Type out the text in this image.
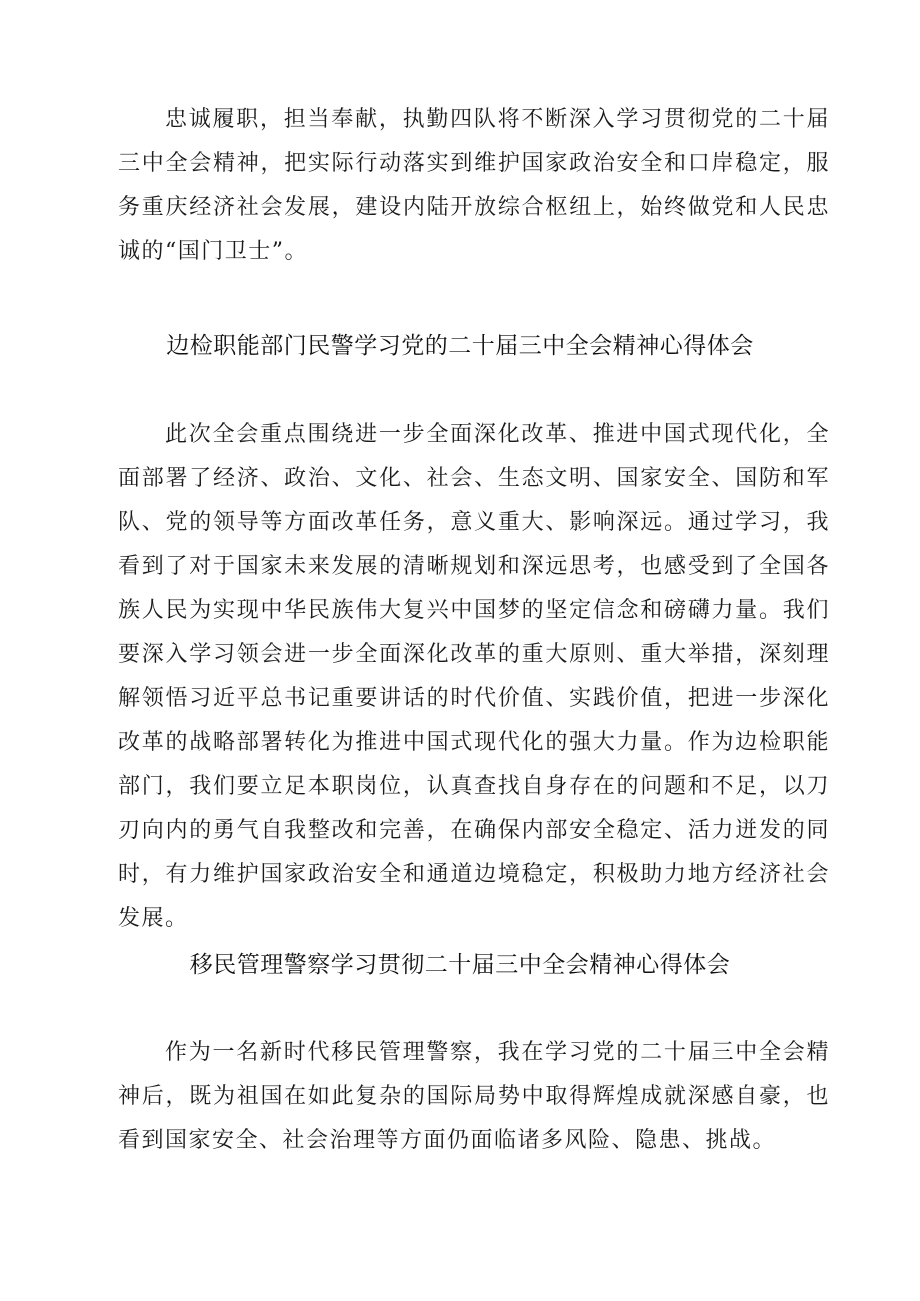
忠诚履职，担当奉献，执勤四队将不断深入学习贯彻党的二十届三中全会精神，把实际行动落实到维护国家政治安全和口岸稳定，服务重庆经济社会发展，建设内陆开放综合枢纽上，始终做党和人民忠诚的“国门卫士”。

边检职能部门民警学习党的二十届三中全会精神心得体会

此次全会重点围绕进一步全面深化改革、推进中国式现代化，全面部署了经济、政治、文化、社会、生态文明、国家安全、国防和军队、党的领导等方面改革任务，意义重大、影响深远。通过学习，我看到了对于国家未来发展的清晰规划和深远思考，也感受到了全国各族人民为实现中华民族伟大复兴中国梦的坚定信念和磅礴力量。我们要深入学习领会进一步全面深化改革的重大原则、重大举措，深刻理解领悟习近平总书记重要讲话的时代价值、实践价值，把进一步深化改革的战略部署转化为推进中国式现代化的强大力量。作为边检职能部门，我们要立足本职岗位，认真查找自身存在的问题和不足，以刀刃向内的勇气自我整改和完善，在确保内部安全稳定、活力迸发的同时，有力维护国家政治安全和通道边境稳定，积极助力地方经济社会发展。

移民管理警察学习贯彻二十届三中全会精神心得体会

作为一名新时代移民管理警察，我在学习党的二十届三中全会精神后，既为祖国在如此复杂的国际局势中取得辉煌成就深感自豪，也看到国家安全、社会治理等方面仍面临诸多风险、隐患、挑战。
